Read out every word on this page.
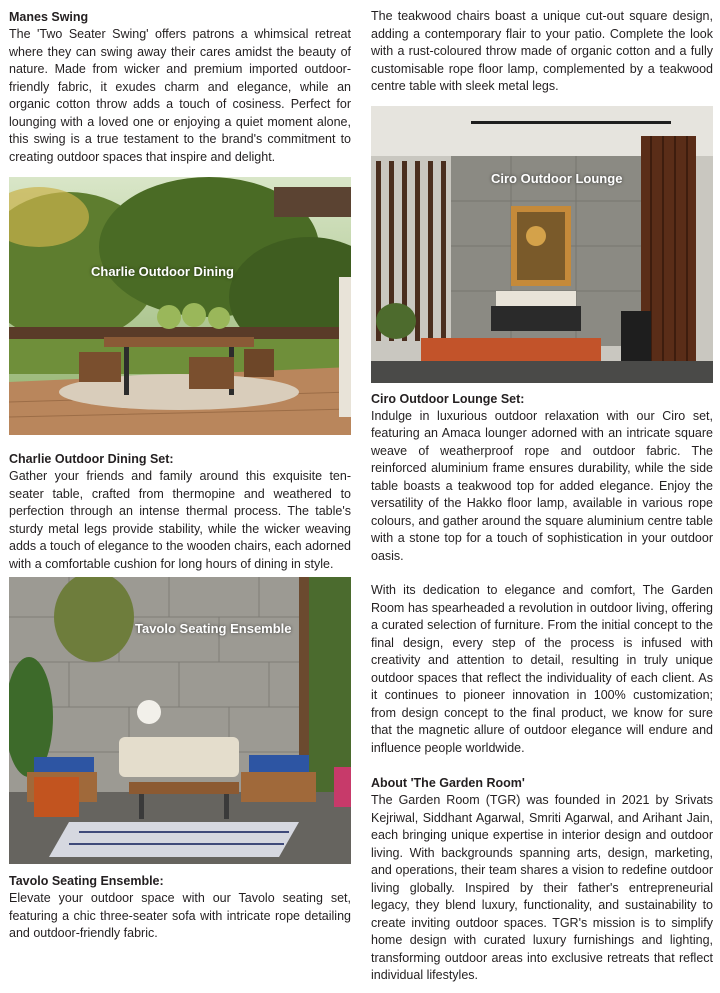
Manes Swing

The 'Two Seater Swing' offers patrons a whimsical retreat where they can swing away their cares amidst the beauty of nature. Made from wicker and premium imported outdoor-friendly fabric, it exudes charm and elegance, while an organic cotton throw adds a touch of cosiness. Perfect for lounging with a loved one or enjoying a quiet moment alone, this swing is a true testament to the brand's commitment to creating outdoor spaces that inspire and delight.

Charlie Outdoor Dining

Charlie Outdoor Dining Set:

Gather your friends and family around this exquisite ten-seater table, crafted from thermopine and weathered to perfection through an intense thermal process. The table's sturdy metal legs provide stability, while the wicker weaving adds a touch of elegance to the wooden chairs, each adorned with a comfortable cushion for long hours of dining in style.

Tavolo Seating Ensemble

Tavolo Seating Ensemble:

Elevate your outdoor space with our Tavolo seating set, featuring a chic three-seater sofa with intricate rope detailing and outdoor-friendly fabric.

The teakwood chairs boast a unique cut-out square design, adding a contemporary flair to your patio. Complete the look with a rust-coloured throw made of organic cotton and a fully customisable rope floor lamp, complemented by a teakwood centre table with sleek metal legs.

Ciro Outdoor Lounge

Ciro Outdoor Lounge Set:

Indulge in luxurious outdoor relaxation with our Ciro set, featuring an Amaca lounger adorned with an intricate square weave of weatherproof rope and outdoor fabric. The reinforced aluminium frame ensures durability, while the side table boasts a teakwood top for added elegance. Enjoy the versatility of the Hakko floor lamp, available in various rope colours, and gather around the square aluminium centre table with a stone top for a touch of sophistication in your outdoor oasis.

With its dedication to elegance and comfort, The Garden Room has spearheaded a revolution in outdoor living, offering a curated selection of furniture. From the initial concept to the final design, every step of the process is infused with creativity and attention to detail, resulting in truly unique outdoor spaces that reflect the individuality of each client. As it continues to pioneer innovation in 100% customization; from design concept to the final product, we know for sure that the magnetic allure of outdoor elegance will endure and influence people worldwide.

About 'The Garden Room'

The Garden Room (TGR) was founded in 2021 by Srivats Kejriwal, Siddhant Agarwal, Smriti Agarwal, and Arihant Jain, each bringing unique expertise in interior design and outdoor living. With backgrounds spanning arts, design, marketing, and operations, their team shares a vision to redefine outdoor living globally. Inspired by their father's entrepreneurial legacy, they blend luxury, functionality, and sustainability to create inviting outdoor spaces. TGR's mission is to simplify home design with curated luxury furnishings and lighting, transforming outdoor areas into exclusive retreats that reflect individual lifestyles.
